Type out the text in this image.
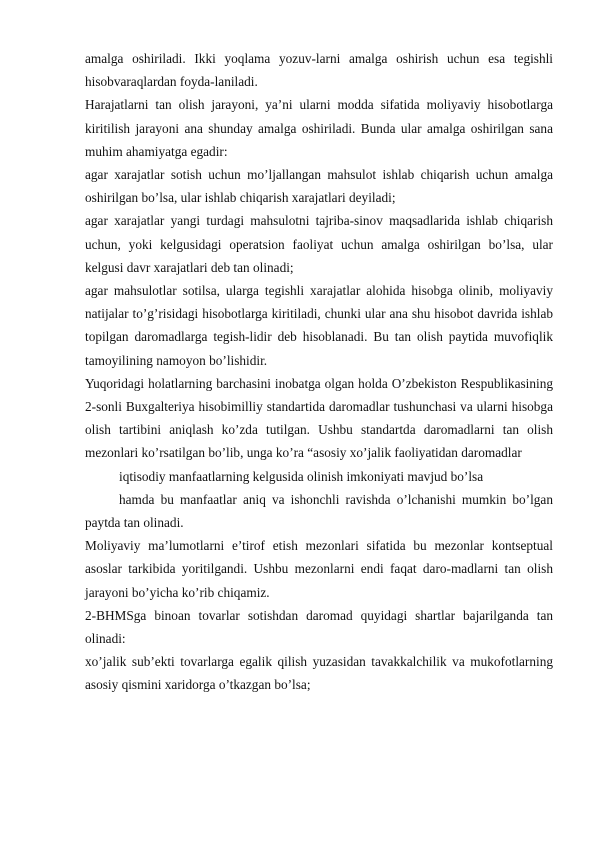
amalga oshiriladi. Ikki yoqlama yozuv-larni amalga oshirish uchun esa tegishli hisobvaraqlardan foyda-laniladi.

Harajatlarni tan olish jarayoni, ya’ni ularni modda sifatida moliyaviy hisobotlarga kiritilish jarayoni ana shunday amalga oshiriladi. Bunda ular amalga oshirilgan sana muhim ahamiyatga egadir:

agar xarajatlar sotish uchun mo’ljallangan mahsulot ishlab chiqarish uchun amalga oshirilgan bo’lsa, ular ishlab chiqarish xarajatlari deyiladi;

agar xarajatlar yangi turdagi mahsulotni tajriba-sinov maqsadlarida ishlab chiqarish uchun, yoki kelgusidagi operatsion faoliyat uchun amalga oshirilgan bo’lsa, ular kelgusi davr xarajatlari deb tan olinadi;

agar mahsulotlar sotilsa, ularga tegishli xarajatlar alohida hisobga olinib, moliyaviy natijalar to’g’risidagi hisobotlarga kiritiladi, chunki ular ana shu hisobot davrida ishlab topilgan daromadlarga tegish-lidir deb hisoblanadi. Bu tan olish paytida muvofiqlik tamoyilining namoyon bo’lishidir.

Yuqoridagi holatlarning barchasini inobatga olgan holda O’zbekiston Respublikasining 2-sonli Buxgalteriya hisobimilliy standartida daromadlar tushunchasi va ularni hisobga olish tartibini aniqlash ko’zda tutilgan. Ushbu standartda daromadlarni tan olish mezonlari ko’rsatilgan bo’lib, unga ko’ra “asosiy xo’jalik faoliyatidan daromadlar

iqtisodiy manfaatlarning kelgusida olinish imkoniyati mavjud bo’lsa

hamda bu manfaatlar aniq va ishonchli ravishda o’lchanishi mumkin bo’lgan paytda tan olinadi.

Moliyaviy ma’lumotlarni e’tirof etish mezonlari sifatida bu mezonlar kontseptual asoslar tarkibida yoritilgandi. Ushbu mezonlarni endi faqat daro-madlarni tan olish jarayoni bo’yicha ko’rib chiqamiz.

2-BHMSga binoan tovarlar sotishdan daromad quyidagi shartlar bajarilganda tan olinadi:

xo’jalik sub’ekti tovarlarga egalik qilish yuzasidan tavakkalchilik va mukofotlarning asosiy qismini xaridorga o’tkazgan bo’lsa;
